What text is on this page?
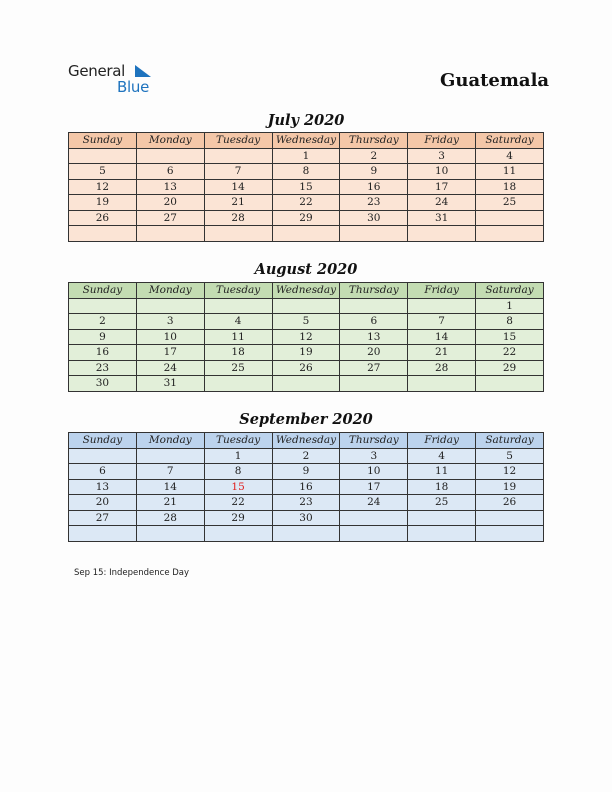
General
Blue	Guatemala
July 2020
Sunday	Monday	Tuesday	Wednesday	Thursday	Friday	Saturday
			1	2	3	4
5	6	7	8	9	10	11
12	13	14	15	16	17	18
19	20	21	22	23	24	25
26	27	28	29	30	31	

August 2020
Sunday	Monday	Tuesday	Wednesday	Thursday	Friday	Saturday
						1
2	3	4	5	6	7	8
9	10	11	12	13	14	15
16	17	18	19	20	21	22
23	24	25	26	27	28	29
30	31					
September 2020
Sunday	Monday	Tuesday	Wednesday	Thursday	Friday	Saturday
		1	2	3	4	5
6	7	8	9	10	11	12
13	14	15	16	17	18	19
20	21	22	23	24	25	26
27	28	29	30			

Sep 15: Independence Day
